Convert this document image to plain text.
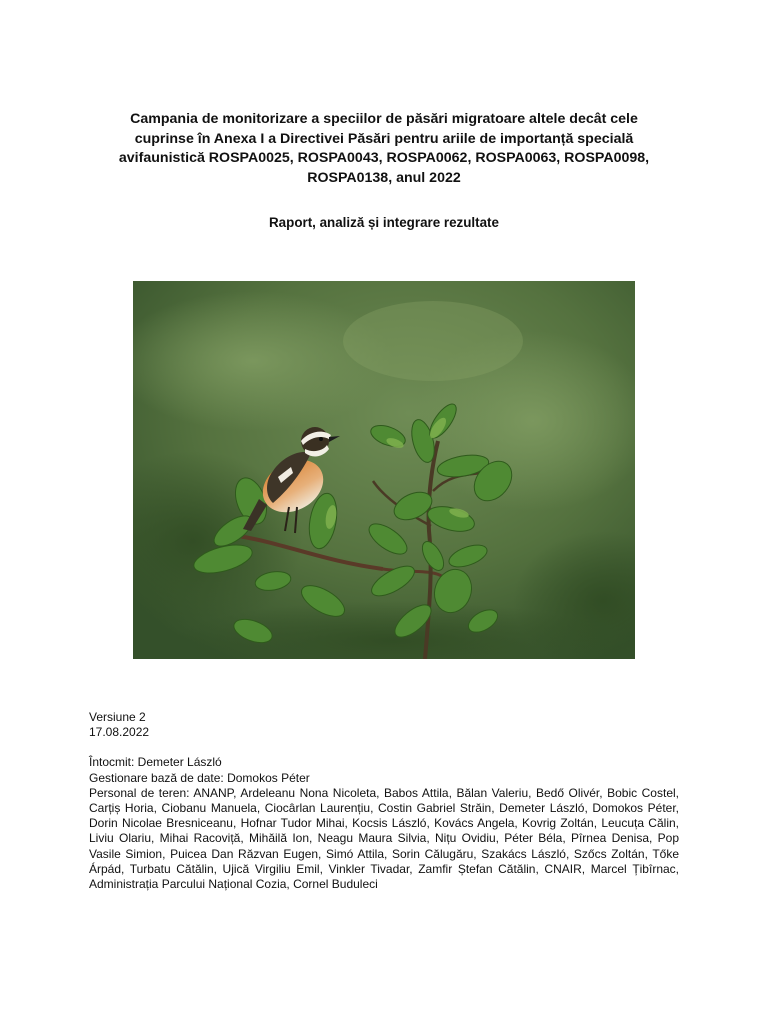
Campania de monitorizare a speciilor de păsări migratoare altele decât cele
cuprinse în Anexa I a Directivei Păsări pentru ariile de importanță specială
avifaunistică ROSPA0025, ROSPA0043, ROSPA0062, ROSPA0063, ROSPA0098,
ROSPA0138, anul 2022
Raport, analiză și integrare rezultate
Versiune 2
17.08.2022
Întocmit: Demeter László
Gestionare bază de date: Domokos Péter
Personal de teren: ANANP, Ardeleanu Nona Nicoleta, Babos Attila, Bălan Valeriu, Bedő Olivér, Bobic Costel, Carțiș Horia, Ciobanu Manuela, Ciocârlan Laurențiu, Costin Gabriel Străin, Demeter László, Domokos Péter, Dorin Nicolae Bresniceanu, Hofnar Tudor Mihai, Kocsis László, Kovács Angela, Kovrig Zoltán, Leucuța Călin, Liviu Olariu, Mihai Racoviță, Mihăilă Ion, Neagu Maura Silvia, Nițu Ovidiu, Péter Béla, Pîrnea Denisa, Pop Vasile Simion, Puicea Dan Răzvan Eugen, Simó Attila, Sorin Călugăru, Szakács László, Szőcs Zoltán, Tőke Árpád, Turbatu Cătălin, Ujică Virgiliu Emil, Vinkler Tivadar, Zamfir Ștefan Cătălin, CNAIR, Marcel Țibîrnac, Administrația Parcului Național Cozia, Cornel Buduleci
